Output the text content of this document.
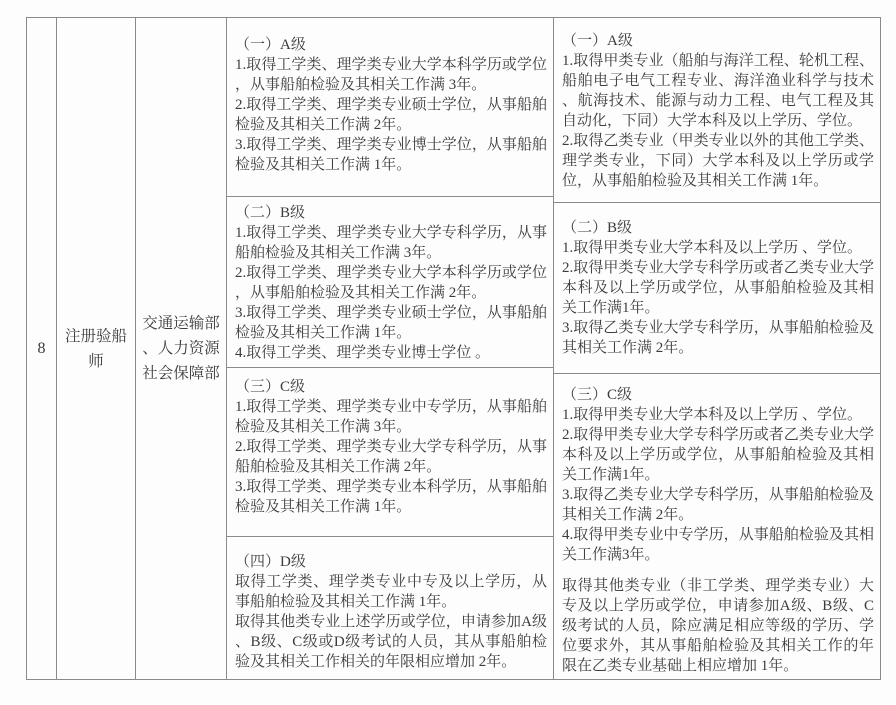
8
注册验船师
交通运输部、人力资源社会保障部

（一）A级

1.取得工学类、理学类专业大学本科学历或学位，从事船舶检验及其相关工作满 3年。

2.取得工学类、理学类专业硕士学位，从事船舶检验及其相关工作满 2年。

3.取得工学类、理学类专业博士学位，从事船舶检验及其相关工作满 1年。

（二）B级

1.取得工学类、理学类专业大学专科学历，从事船舶检验及其相关工作满 3年。

2.取得工学类、理学类专业大学本科学历或学位，从事船舶检验及其相关工作满 2年。

3.取得工学类、理学类专业硕士学位，从事船舶检验及其相关工作满 1年。

4.取得工学类、理学类专业博士学位 。

（三）C级

1.取得工学类、理学类专业中专学历，从事船舶检验及其相关工作满 3年。

2.取得工学类、理学类专业大学专科学历，从事船舶检验及其相关工作满 2年。

3.取得工学类、理学类专业本科学历，从事船舶检验及其相关工作满 1年。

（四）D级

取得工学类、理学类专业中专及以上学历，从事船舶检验及其相关工作满 1年。

取得其他类专业上述学历或学位，申请参加A级、B级、C级或D级考试的人员，其从事船舶检验及其相关工作相关的年限相应增加 2年。

（一）A级

1.取得甲类专业（船舶与海洋工程、轮机工程、船舶电子电气工程专业、海洋渔业科学与技术、航海技术、能源与动力工程、电气工程及其自动化，下同）大学本科及以上学历、学位。

2.取得乙类专业（甲类专业以外的其他工学类、理学类专业，下同）大学本科及以上学历或学位，从事船舶检验及其相关工作满 1年。

（二）B级

1.取得甲类专业大学本科及以上学历 、学位。

2.取得甲类专业大学专科学历或者乙类专业大学本科及以上学历或学位，从事船舶检验及其相关工作满1年。

3.取得乙类专业大学专科学历，从事船舶检验及其相关工作满 2年。

（三）C级

1.取得甲类专业大学本科及以上学历 、学位。

2.取得甲类专业大学专科学历或者乙类专业大学本科及以上学历或学位，从事船舶检验及其相关工作满1年。

3.取得乙类专业大学专科学历，从事船舶检验及其相关工作满 2年。

4.取得甲类专业中专学历，从事船舶检验及其相关工作满3年。

取得其他类专业（非工学类、理学类专业）大专及以上学历或学位，申请参加A级、B级、C级考试的人员，除应满足相应等级的学历、学位要求外，其从事船舶检验及其相关工作的年限在乙类专业基础上相应增加 1年。
